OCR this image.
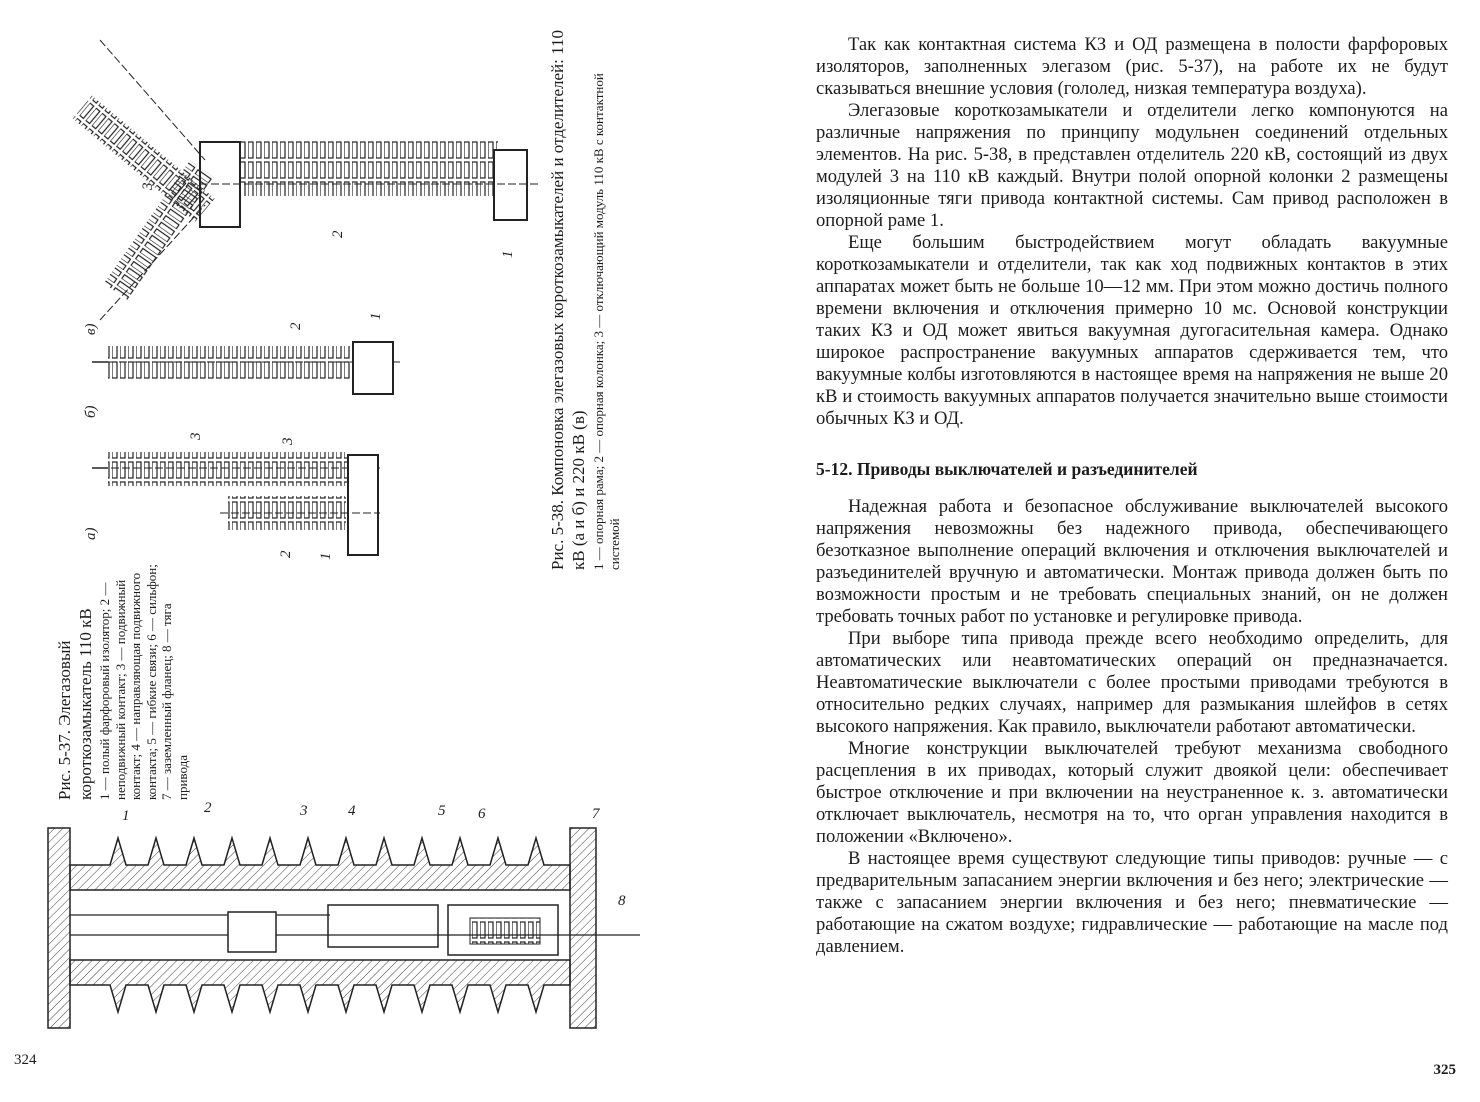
в)
б)
а)
3
2
1
2
1
3
3
2 1	Рис. 5-38. Компоновка элегазовых короткозамыкателей и отделителей: 110 кВ (а и б) и 220 кВ (в) 1 — опорная рама; 2 — опорная колонка; 3 — отключающий модуль 110 кВ с контактной системой
Рис. 5-37. Элегазовый короткозамыкатель 110 кВ 1 — полый фарфоровый изолятор; 2 — неподвижный контакт; 3 — подвижный контакт; 4 — направляющая подвижного контакта; 5 — гибкие связи; 6 — сильфон; 7 — заземленный фланец; 8 — тяга привода
1	2	3	4	5 6	7
8
324

Так как контактная система КЗ и ОД размещена в полости фарфоровых изоляторов, заполненных элегазом (рис. 5-37), на работе их не будут сказываться внешние условия (гололед, низкая температура воздуха).

Элегазовые короткозамыкатели и отделители легко компонуются на различные напряжения по принципу модульнен соединений отдельных элементов. На рис. 5-38, в представлен отделитель 220 кВ, состоящий из двух модулей 3 на 110 кВ каждый. Внутри полой опорной колонки 2 размещены изоляционные тяги привода контактной системы. Сам привод расположен в опорной раме 1.

Еще большим быстродействием могут обладать вакуумные короткозамыкатели и отделители, так как ход подвижных контактов в этих аппаратах может быть не больше 10—12 мм. При этом можно достичь полного времени включения и отключения примерно 10 мс. Основой конструкции таких КЗ и ОД может явиться вакуумная дугогасительная камера. Однако широкое распространение вакуумных аппаратов сдерживается тем, что вакуумные колбы изготовляются в настоящее время на напряжения не выше 20 кВ и стоимость вакуумных аппаратов получается значительно выше стоимости обычных КЗ и ОД.

5-12. Приводы выключателей и разъединителей

Надежная работа и безопасное обслуживание выключателей высокого напряжения невозможны без надежного привода, обеспечивающего безотказное выполнение операций включения и отключения выключателей и разъединителей вручную и автоматически. Монтаж привода должен быть по возможности простым и не требовать специальных знаний, он не должен требовать точных работ по установке и регулировке привода.

При выборе типа привода прежде всего необходимо определить, для автоматических или неавтоматических операций он предназначается. Неавтоматические выключатели с более простыми приводами требуются в относительно редких случаях, например для размыкания шлейфов в сетях высокого напряжения. Как правило, выключатели работают автоматически.

Многие конструкции выключателей требуют механизма свободного расцепления в их приводах, который служит двоякой цели: обеспечивает быстрое отключение и при включении на неустраненное к. з. автоматически отключает выключатель, несмотря на то, что орган управления находится в положении «Включено».

В настоящее время существуют следующие типы приводов: ручные — с предварительным запасанием энергии включения и без него; электрические — также с запасанием энергии включения и без него; пневматические — работающие на сжатом воздухе; гидравлические — работающие на масле под давлением.

325
